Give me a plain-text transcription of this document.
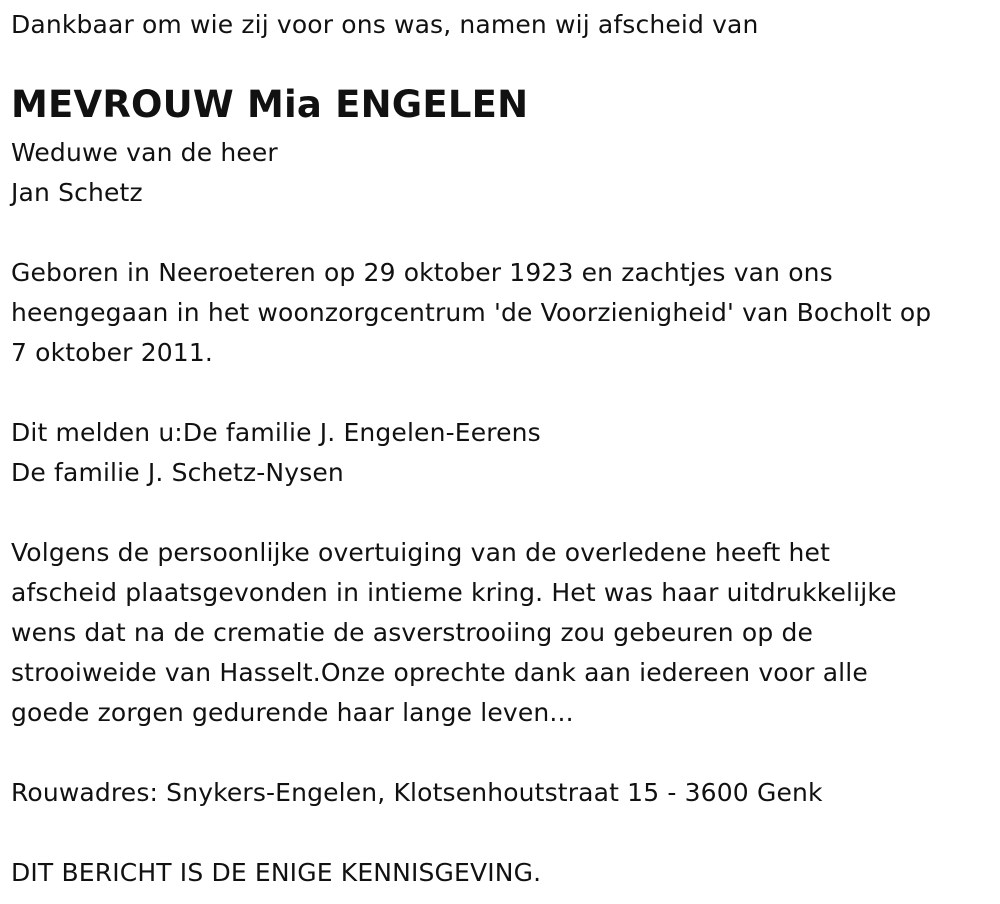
Dankbaar om wie zij voor ons was, namen wij afscheid van
MEVROUW Mia ENGELEN
Weduwe van de heer
Jan Schetz
Geboren in Neeroeteren op 29 oktober 1923 en zachtjes van ons
heengegaan in het woonzorgcentrum 'de Voorzienigheid' van Bocholt op
7 oktober 2011.
Dit melden u:De familie J. Engelen-Eerens
De familie J. Schetz-Nysen
Volgens de persoonlijke overtuiging van de overledene heeft het
afscheid plaatsgevonden in intieme kring. Het was haar uitdrukkelijke
wens dat na de crematie de asverstrooiing zou gebeuren op de
strooiweide van Hasselt.Onze oprechte dank aan iedereen voor alle
goede zorgen gedurende haar lange leven...
Rouwadres: Snykers-Engelen, Klotsenhoutstraat 15 - 3600 Genk
DIT BERICHT IS DE ENIGE KENNISGEVING.
